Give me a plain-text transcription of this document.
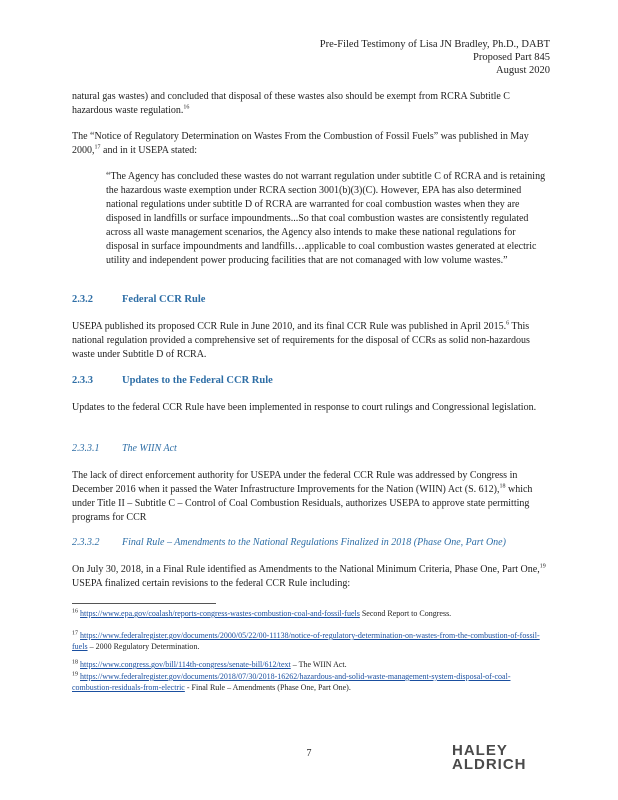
Pre-Filed Testimony of Lisa JN Bradley, Ph.D., DABT
Proposed Part 845
August 2020
natural gas wastes) and concluded that disposal of these wastes also should be exempt from RCRA Subtitle C hazardous waste regulation.$^{16}$
The “Notice of Regulatory Determination on Wastes From the Combustion of Fossil Fuels” was published in May 2000,17 and in it USEPA stated:
“The Agency has concluded these wastes do not warrant regulation under subtitle C of RCRA and is retaining the hazardous waste exemption under RCRA section 3001(b)(3)(C). However, EPA has also determined national regulations under subtitle D of RCRA are warranted for coal combustion wastes when they are disposed in landfills or surface impoundments...So that coal combustion wastes are consistently regulated across all waste management scenarios, the Agency also intends to make these national regulations for disposal in surface impoundments and landfills…applicable to coal combustion wastes generated at electric utility and independent power producing facilities that are not comanaged with low volume wastes.”
2.3.2	Federal CCR Rule
USEPA published its proposed CCR Rule in June 2010, and its final CCR Rule was published in April 2015.$^6$ This national regulation provided a comprehensive set of requirements for the disposal of CCRs as solid non-hazardous waste under Subtitle D of RCRA.
2.3.3	Updates to the Federal CCR Rule
Updates to the federal CCR Rule have been implemented in response to court rulings and Congressional legislation.
2.3.3.1 The WIIN Act
The lack of direct enforcement authority for USEPA under the federal CCR Rule was addressed by Congress in December 2016 when it passed the Water Infrastructure Improvements for the Nation (WIIN) Act (S. 612),$^{18}$ which under Title II – Subtitle C – Control of Coal Combustion Residuals, authorizes USEPA to approve state permitting programs for CCR
2.3.3.2 Final Rule – Amendments to the National Regulations Finalized in 2018 (Phase One, Part One)
On July 30, 2018, in a Final Rule identified as Amendments to the National Minimum Criteria, Phase One, Part One,$^{19}$ USEPA finalized certain revisions to the federal CCR Rule including:
$^{16}$ https://www.epa.gov/coalash/reports-congress-wastes-combustion-coal-and-fossil-fuels Second Report to Congress.
$^{17}$ https://www.federalregister.gov/documents/2000/05/22/00-11138/notice-of-regulatory-determination-on-wastes-from-the-combustion-of-fossil-fuels – 2000 Regulatory Determination.
$^{18}$ https://www.congress.gov/bill/114th-congress/senate-bill/612/text – The WIIN Act.
$^{19}$ https://www.federalregister.gov/documents/2018/07/30/2018-16262/hazardous-and-solid-waste-management-system-disposal-of-coal-combustion-residuals-from-electric - Final Rule – Amendments (Phase One, Part One).
7	HALEY
ALDRICH
